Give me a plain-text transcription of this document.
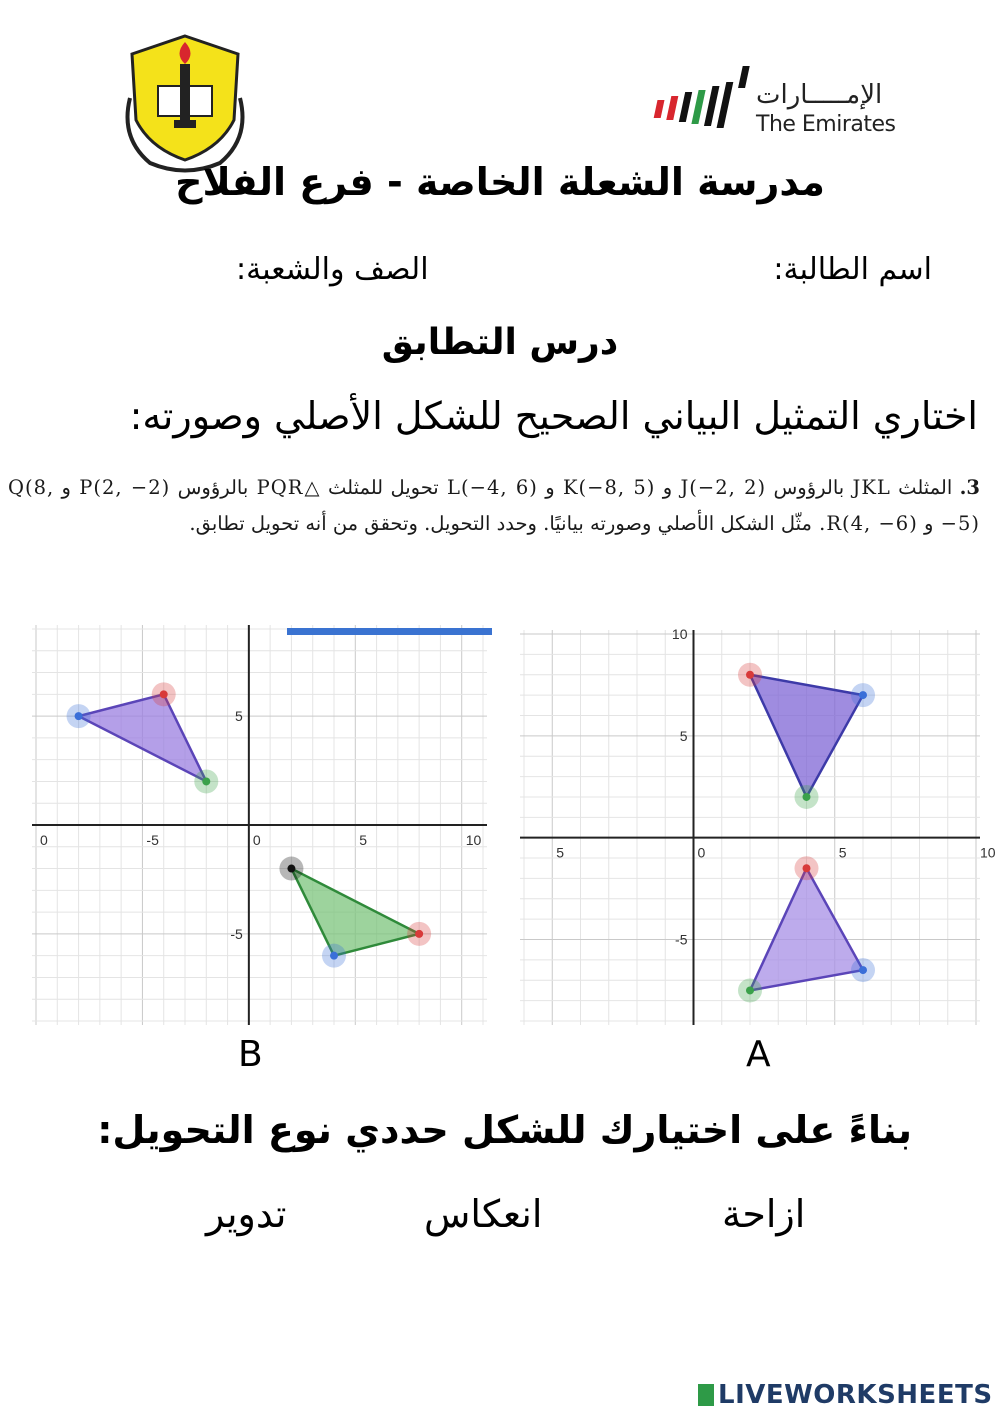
الإمـــــارات
The Emirates
مدرسة الشعلة الخاصة - فرع الفلاح
اسم الطالبة:
الصف والشعبة:
درس التطابق
اختاري التمثيل البياني الصحيح للشكل الأصلي وصورته:
3. المثلث JKL بالرؤوس J(−2, 2) و K(−8, 5) و L(−4, 6) تحويل للمثلث △PQR بالرؤوس P(2, −2) و Q(8, −5) و R(4, −6). مثّل الشكل الأصلي وصورته بيانيًا. وحدد التحويل. وتحقق من أنه تحويل تطابق.
0	-5	0	5	10
5
-5
5	0	5	10
10
5
-5
B	A
بناءً على اختيارك للشكل حددي نوع التحويل:
ازاحة
انعكاس
تدوير
LIVEWORKSHEETS
